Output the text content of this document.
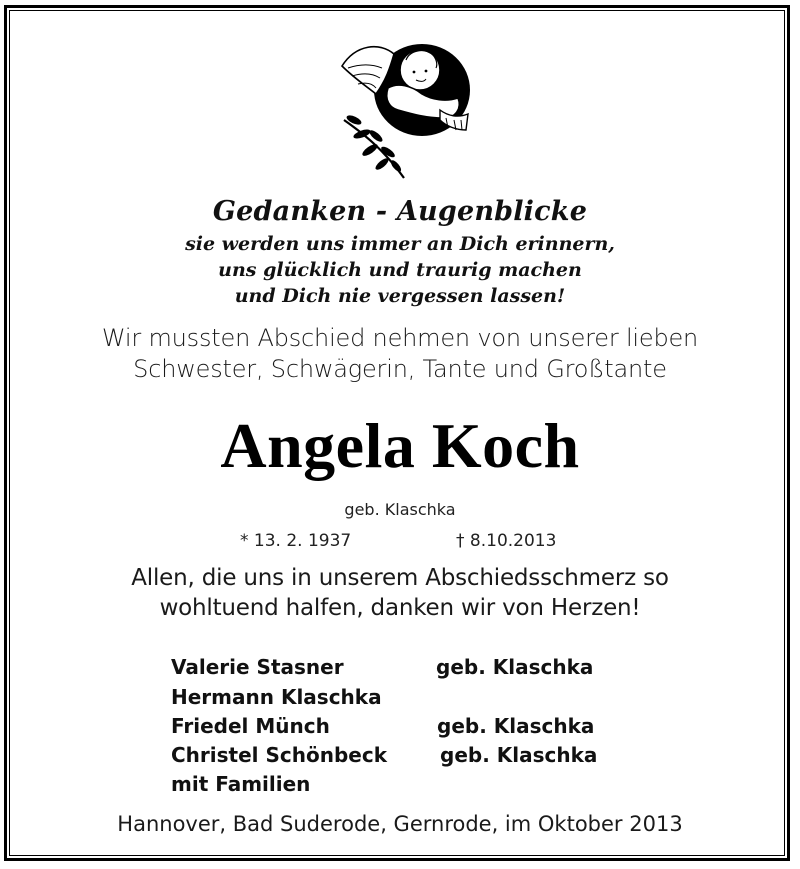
Gedanken - Augenblicke
sie werden uns immer an Dich erinnern,
uns glücklich und traurig machen
und Dich nie vergessen lassen!
Wir mussten Abschied nehmen von unserer lieben
Schwester, Schwägerin, Tante und Großtante
Angela Koch
geb. Klaschka
* 13. 2. 1937	† 8.10.2013
Allen, die uns in unserem Abschiedsschmerz so
wohltuend halfen, danken wir von Herzen!
Valerie Stasner	geb. Klaschka
Hermann Klaschka
Friedel Münch	geb. Klaschka
Christel Schönbeck	geb. Klaschka
mit Familien
Hannover, Bad Suderode, Gernrode, im Oktober 2013
